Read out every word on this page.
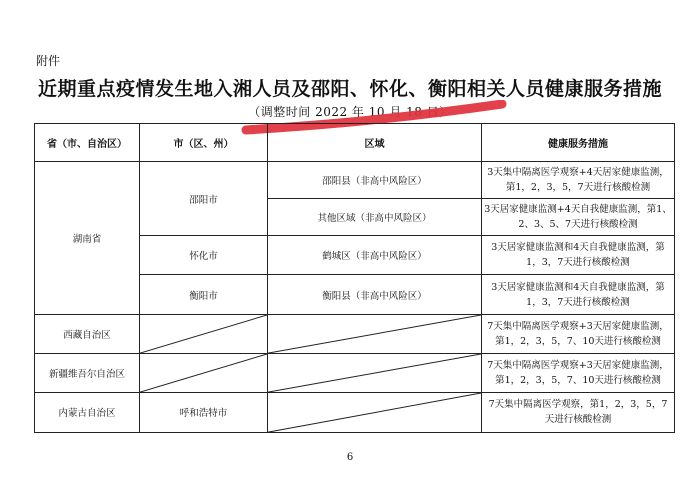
附件
近期重点疫情发生地入湘人员及邵阳、怀化、衡阳相关人员健康服务措施
（调整时间 2022 年 10 月 18 日）
省（市、自治区）	市（区、州）	区域	健康服务措施
湖南省	邵阳市	邵阳县（非高中风险区）	3天集中隔离医学观察+4天居家健康监测，第1，2，3，5，7天进行核酸检测
		其他区域（非高中风险区）	3天居家健康监测+4天自我健康监测，第1、2、3、5、7天进行核酸检测
	怀化市	鹤城区（非高中风险区）	3天居家健康监测和4天自我健康监测，第1，3，7天进行核酸检测
	衡阳市	衡阳县（非高中风险区）	3天居家健康监测和4天自我健康监测，第1，3，7天进行核酸检测
西藏自治区			7天集中隔离医学观察+3天居家健康监测，第1，2，3，5，7、10天进行核酸检测
新疆维吾尔自治区			7天集中隔离医学观察+3天居家健康监测，第1，2，3，5，7、10天进行核酸检测
内蒙古自治区	呼和浩特市		7天集中隔离医学观察，第1，2，3，5，7天进行核酸检测
6
